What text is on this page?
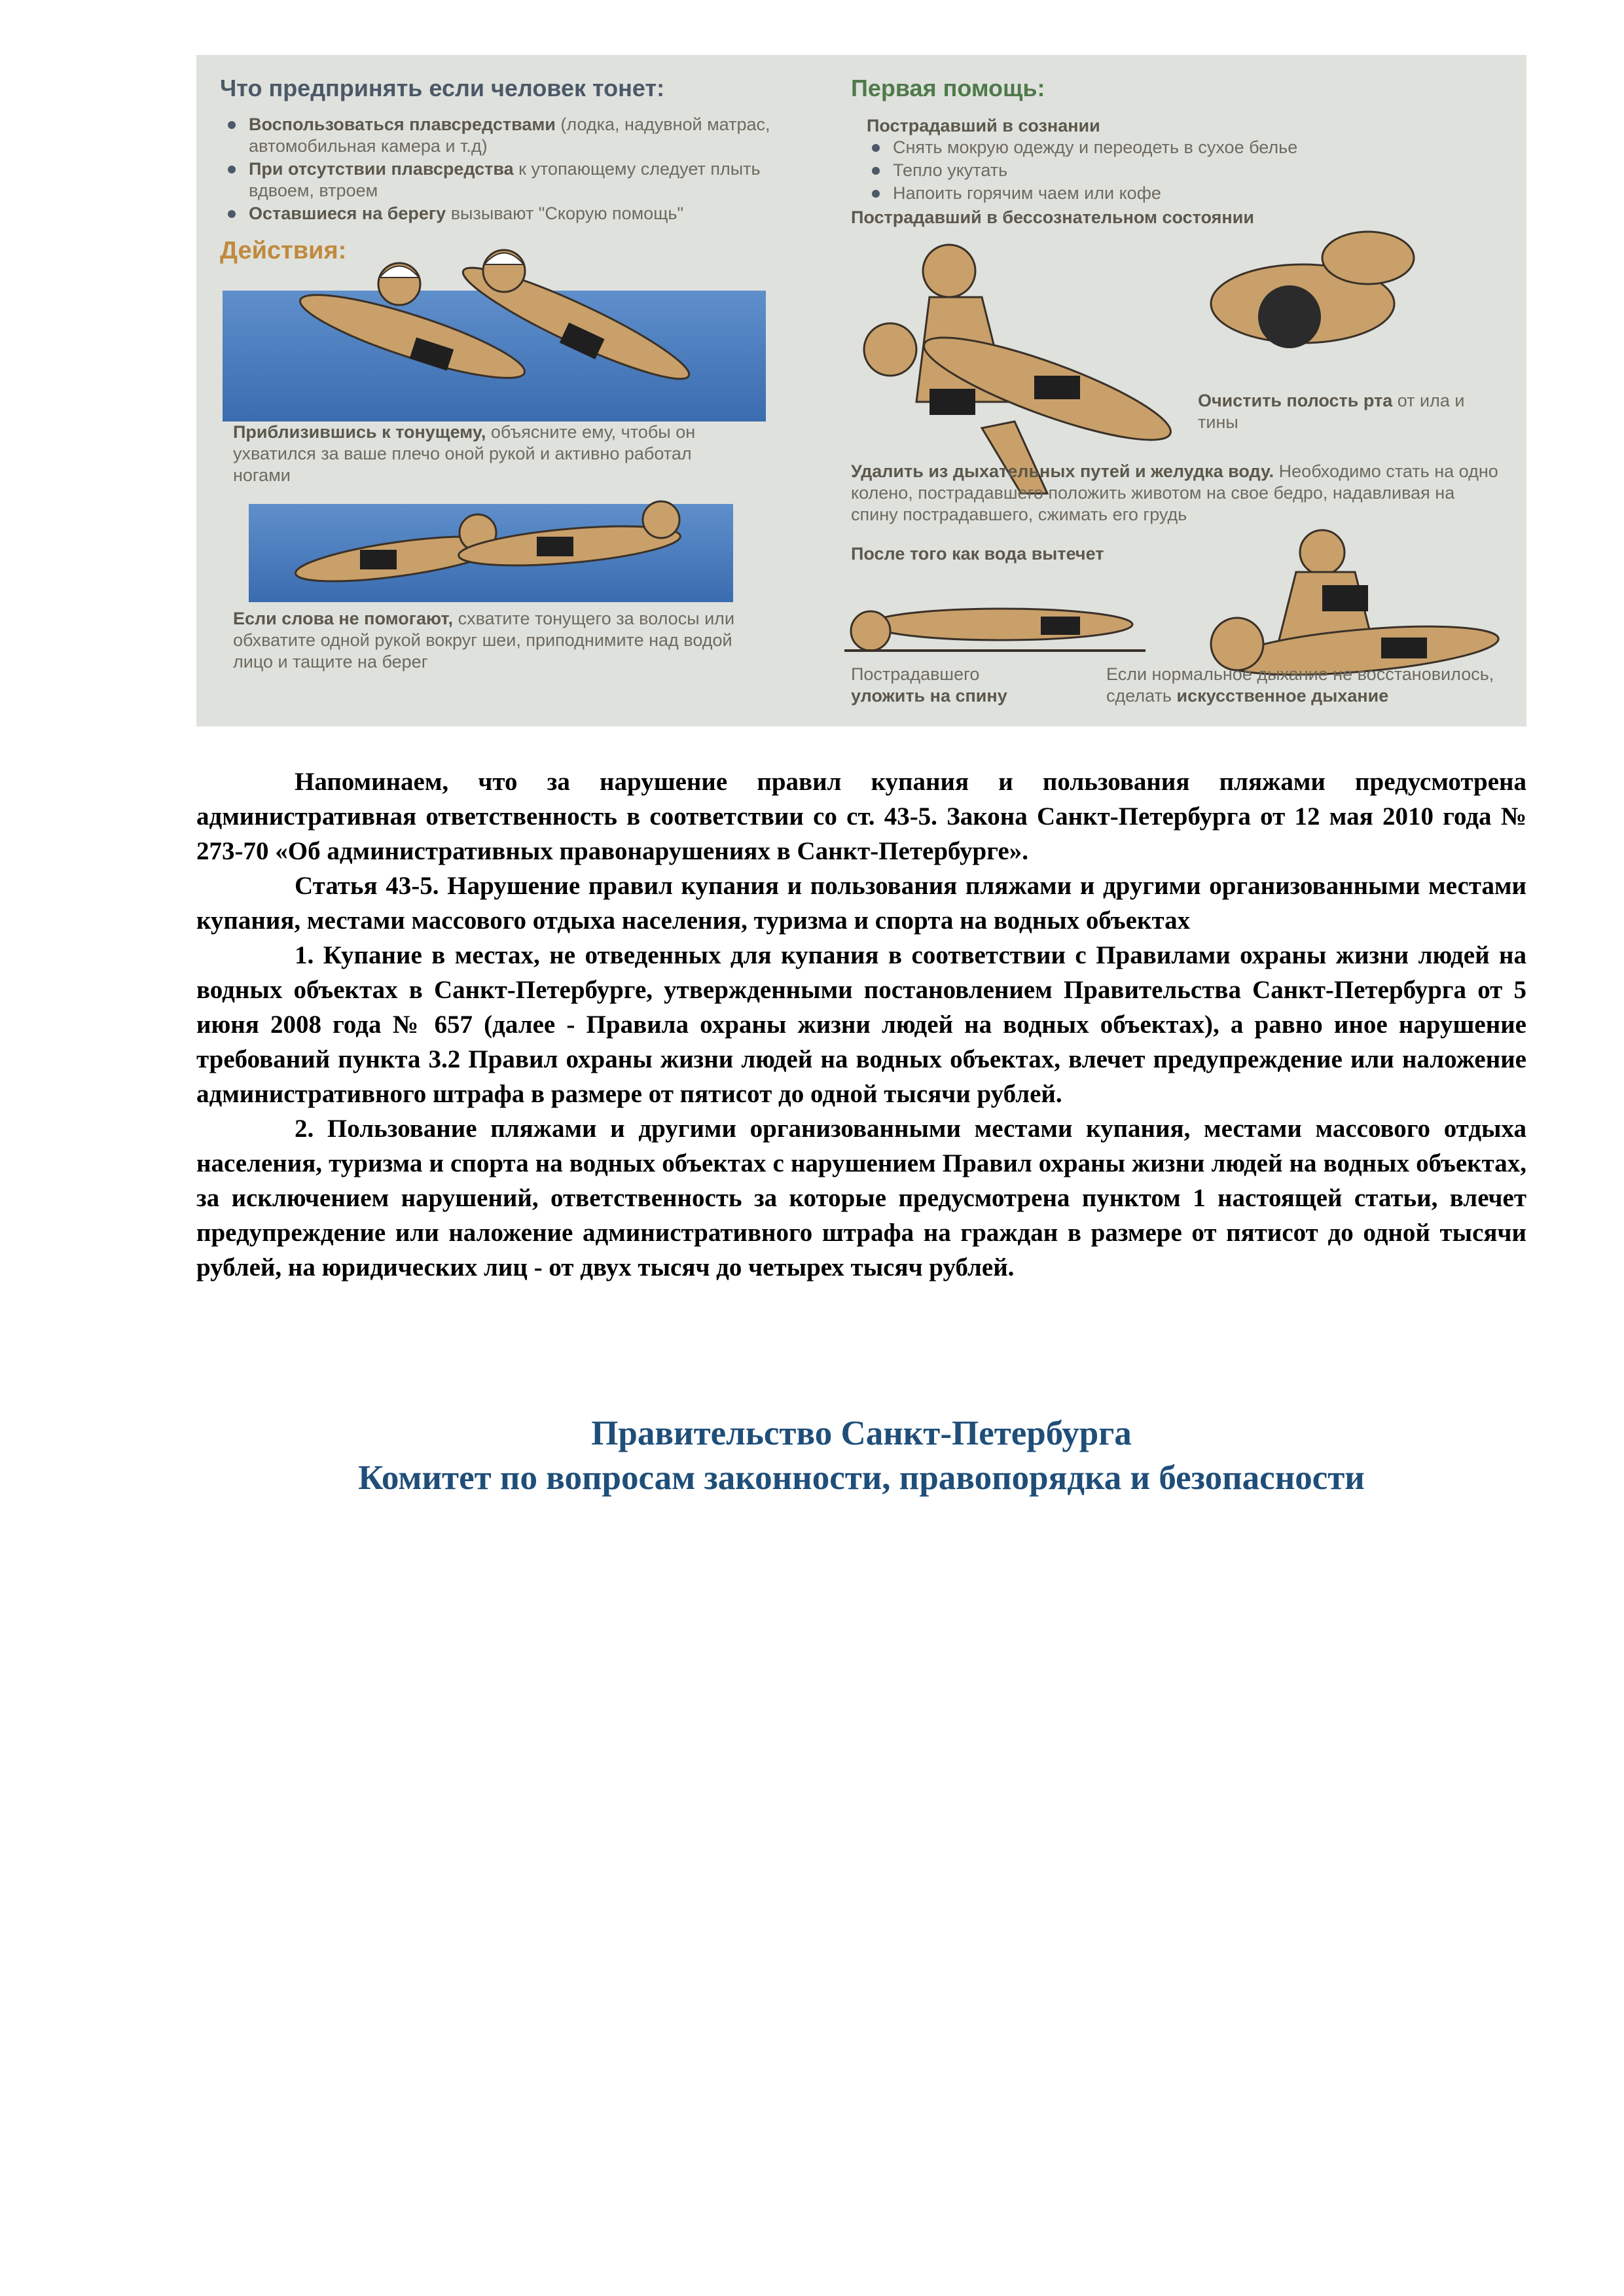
Что предпринять если человек тонет:
Воспользоваться плавсредствами (лодка, надувной матрас, автомобильная камера и т.д)
При отсутствии плавсредства к утопающему следует плыть вдвоем, втроем
Оставшиеся на берегу вызывают "Скорую помощь"
Действия:
Приблизившись к тонущему, объясните ему, чтобы он ухватился за ваше плечо оной рукой и активно работал ногами
Если слова не помогают, схватите тонущего за волосы или обхватите одной рукой вокруг шеи, приподнимите над водой лицо и тащите на берег
Первая помощь:
Пострадавший в сознании
Снять мокрую одежду и переодеть в сухое белье
Тепло укутать
Напоить горячим чаем или кофе
Пострадавший в бессознательном состоянии
Очистить полость рта от ила и тины
Удалить из дыхательных путей и желудка воду. Необходимо стать на одно колено, пострадавшего положить животом на свое бедро, надавливая на спину пострадавшего, сжимать его грудь
После того как вода вытечет
Пострадавшего
уложить на спину
Если нормальное дыхание не восстановилось, сделать искусственное дыхание

Напоминаем, что за нарушение правил купания и пользования пляжами предусмотрена административная ответственность в соответствии со ст. 43-5. Закона Санкт-Петербурга от 12 мая 2010 года № 273-70 «Об административных правонарушениях в Санкт-Петербурге».

Статья 43-5. Нарушение правил купания и пользования пляжами и другими организованными местами купания, местами массового отдыха населения, туризма и спорта на водных объектах

1. Купание в местах, не отведенных для купания в соответствии с Правилами охраны жизни людей на водных объектах в Санкт-Петербурге, утвержденными постановлением Правительства Санкт-Петербурга от 5 июня 2008 года № 657 (далее - Правила охраны жизни людей на водных объектах), а равно иное нарушение требований пункта 3.2 Правил охраны жизни людей на водных объектах, влечет предупреждение или наложение административного штрафа в размере от пятисот до одной тысячи рублей.

2. Пользование пляжами и другими организованными местами купания, местами массового отдыха населения, туризма и спорта на водных объектах с нарушением Правил охраны жизни людей на водных объектах, за исключением нарушений, ответственность за которые предусмотрена пунктом 1 настоящей статьи, влечет предупреждение или наложение административного штрафа на граждан в размере от пятисот до одной тысячи рублей, на юридических лиц - от двух тысяч до четырех тысяч рублей.

Правительство Санкт-Петербурга
Комитет по вопросам законности, правопорядка и безопасности
